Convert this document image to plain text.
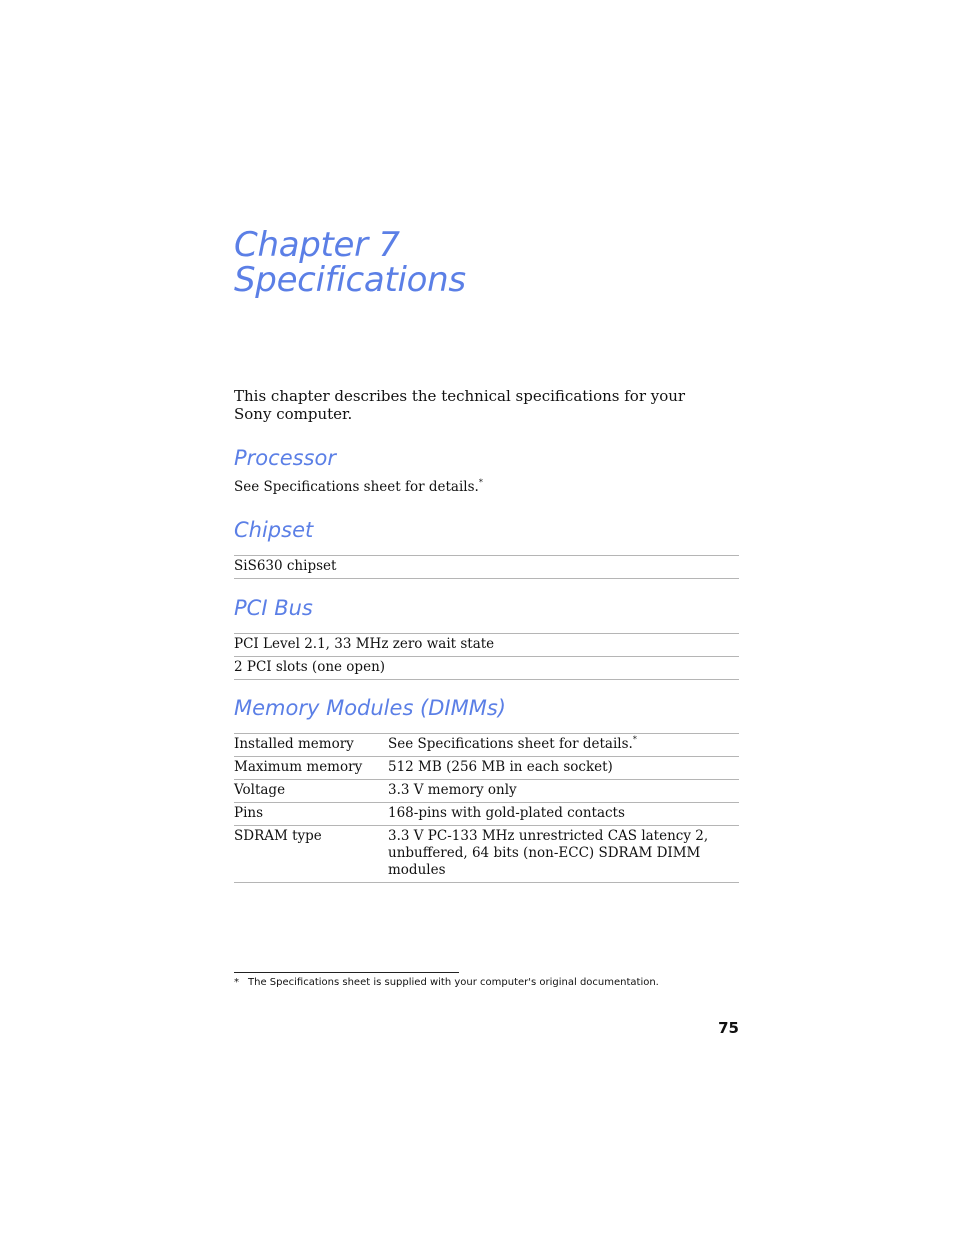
Chapter 7
Specifications

This chapter describes the technical specifications for your Sony computer.

Processor

See Specifications sheet for details.*

Chipset
SiS630 chipset
PCI Bus
PCI Level 2.1, 33 MHz zero wait state
2 PCI slots (one open)
Memory Modules (DIMMs)
Installed memory	See Specifications sheet for details.*
Maximum memory	512 MB (256 MB in each socket)
Voltage	3.3 V memory only
Pins	168-pins with gold-plated contacts
SDRAM type	3.3 V PC-133 MHz unrestricted CAS latency 2, unbuffered, 64 bits (non-ECC) SDRAM DIMM modules

* The Specifications sheet is supplied with your computer's original documentation.

75
